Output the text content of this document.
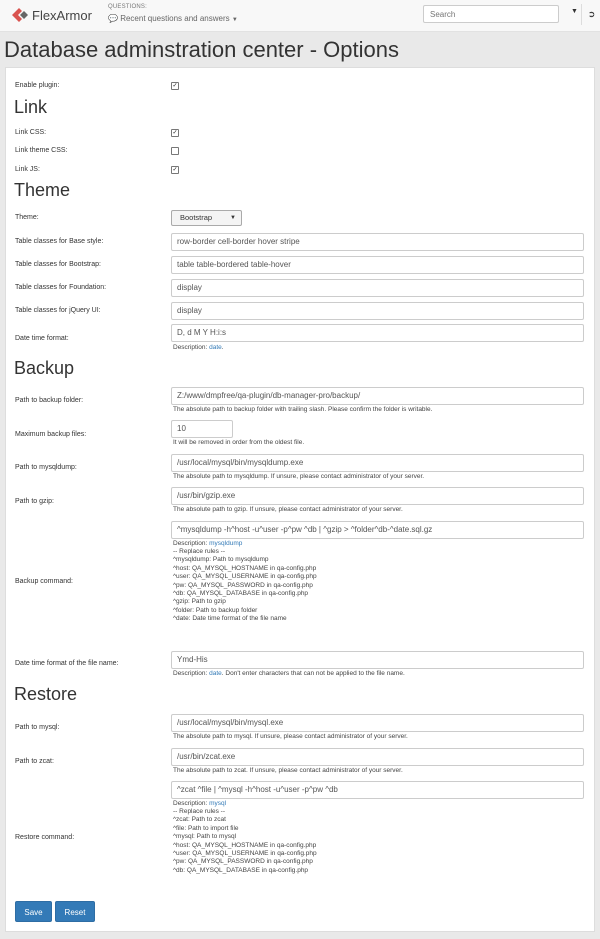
FlexArmor
QUESTIONS:
💬 Recent questions and answers ▼
Search
▼	➲
Database adminstration center - Options
Enable plugin:	✓
Link
Link CSS:	✓
Link theme CSS:
Link JS:	✓
Theme
Theme:	Bootstrap	▼
Table classes for Base style:	row-border cell-border hover stripe
Table classes for Bootstrap:	table table-bordered table-hover
Table classes for Foundation:	display
Table classes for jQuery UI:	display
Date time format:
D, d M Y H:i:s
Description: date.
Backup
Path to backup folder:
Z:/www/dmpfree/qa-plugin/db-manager-pro/backup/
The absolute path to backup folder with trailing slash. Please confirm the folder is writable.
Maximum backup files:
10
It will be removed in order from the oldest file.
Path to mysqldump:
/usr/local/mysql/bin/mysqldump.exe
The absolute path to mysqldump. If unsure, please contact administrator of your server.
Path to gzip:
/usr/bin/gzip.exe
The absolute path to gzip. If unsure, please contact administrator of your server.
Backup command:
^mysqldump -h^host -u^user -p^pw ^db | ^gzip > ^folder^db-^date.sql.gz
Description: mysqldump
-- Replace rules --
^mysqldump: Path to mysqldump
^host: QA_MYSQL_HOSTNAME in qa-config.php
^user: QA_MYSQL_USERNAME in qa-config.php
^pw: QA_MYSQL_PASSWORD in qa-config.php
^db: QA_MYSQL_DATABASE in qa-config.php
^gzip: Path to gzip
^folder: Path to backup folder
^date: Date time format of the file name
Date time format of the file name:	Ymd-His
Description: date. Don't enter characters that can not be applied to the file name.
Restore
Path to mysql:
/usr/local/mysql/bin/mysql.exe
The absolute path to mysql. If unsure, please contact administrator of your server.
Path to zcat:
/usr/bin/zcat.exe
The absolute path to zcat. If unsure, please contact administrator of your server.
Restore command:
^zcat ^file | ^mysql -h^host -u^user -p^pw ^db
Description: mysql
-- Replace rules --
^zcat: Path to zcat
^file: Path to import file
^mysql: Path to mysql
^host: QA_MYSQL_HOSTNAME in qa-config.php
^user: QA_MYSQL_USERNAME in qa-config.php
^pw: QA_MYSQL_PASSWORD in qa-config.php
^db: QA_MYSQL_DATABASE in qa-config.php
Save	Reset
